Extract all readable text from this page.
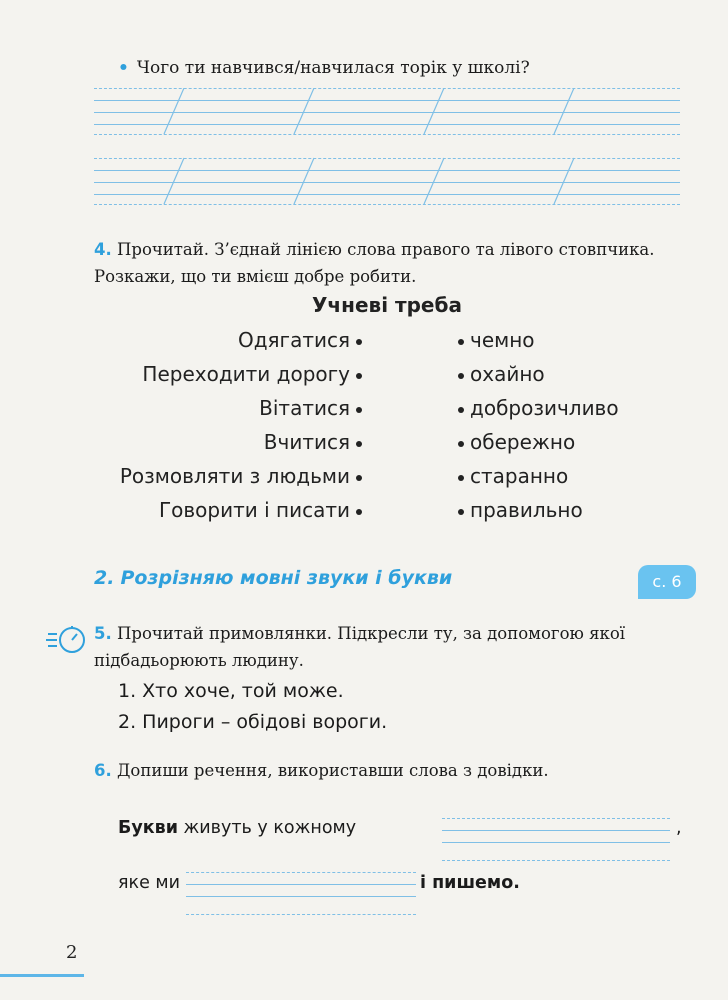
• Чого ти навчився/навчилася торік у школі?
4. Прочитай. З’єднай лінією слова правого та лівого стовпчика. Розкажи, що ти вмієш добре робити.
Учневі треба
Одягатися	чемно
Переходити дорогу	охайно
Вітатися	доброзичливо
Вчитися	обережно
Розмовляти з людьми	старанно
Говорити і писати	правильно
2. Розрізняю мовні звуки і букви	с. 6
5. Прочитай примовлянки. Підкресли ту, за допомогою якої підбадьорюють людину.
1. Хто хоче, той може.
2. Пироги – обідові вороги.
6. Допиши речення, використавши слова з довідки.
Букви живуть у кожному	,
яке ми	і пишемо.
2
